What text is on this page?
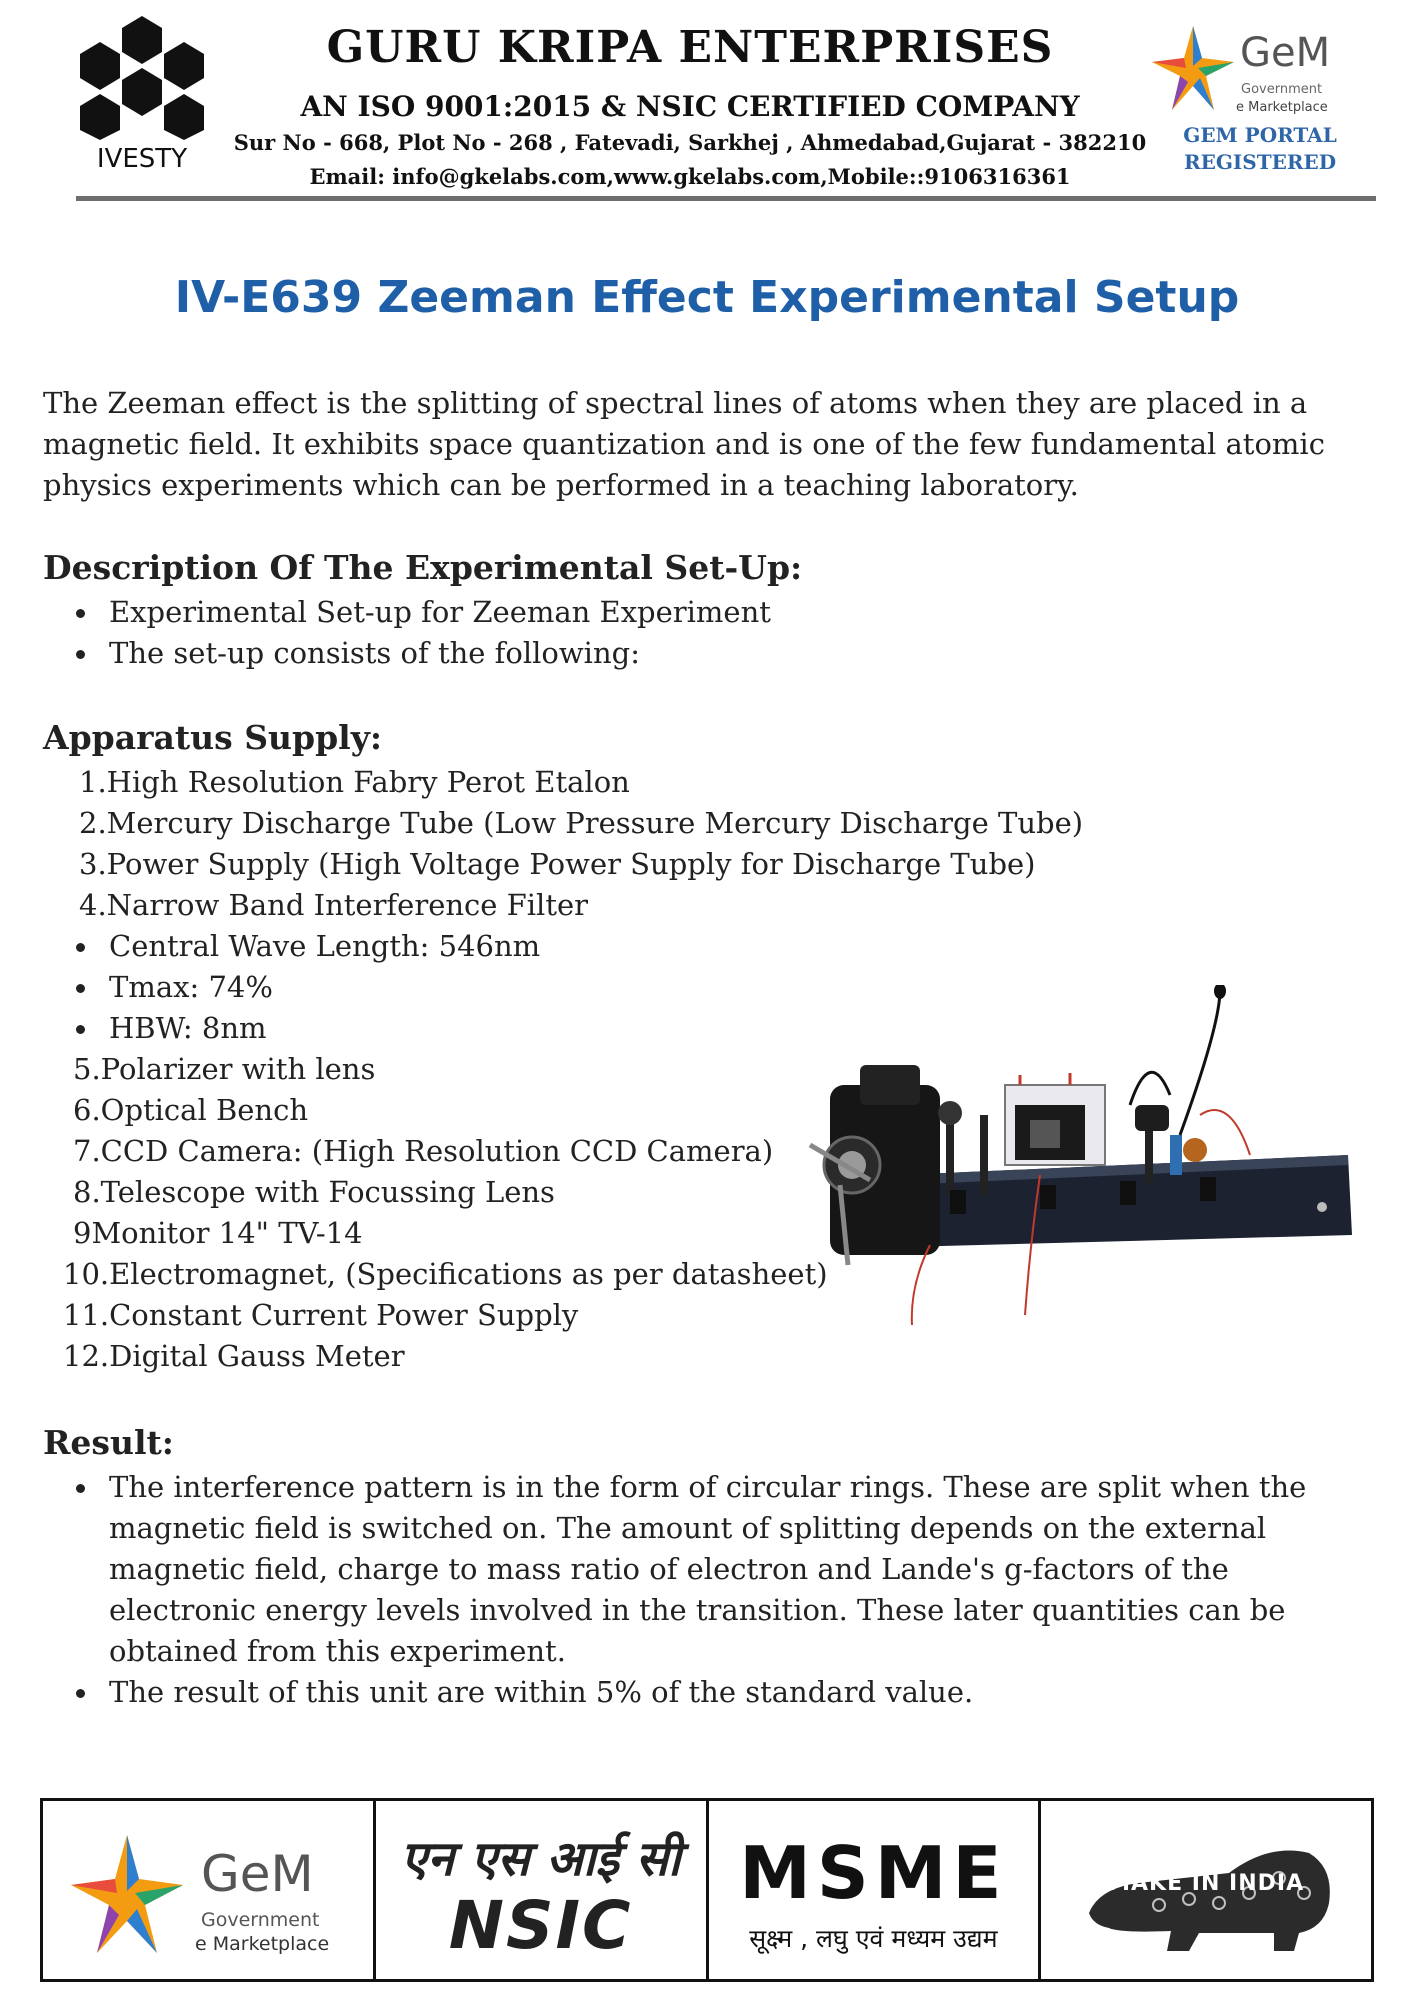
IVESTY
GURU KRIPA ENTERPRISES
AN ISO 9001:2015 & NSIC CERTIFIED COMPANY
Sur No - 668, Plot No - 268 , Fatevadi, Sarkhej , Ahmedabad,Gujarat - 382210
Email: info@gkelabs.com,www.gkelabs.com,Mobile::9106316361
GeM
Government
e Marketplace
GEM PORTAL
REGISTERED
IV-E639 Zeeman Effect Experimental Setup
The Zeeman effect is the splitting of spectral lines of atoms when they are placed in a magnetic field. It exhibits space quantization and is one of the few fundamental atomic physics experiments which can be performed in a teaching laboratory.
Description Of The Experimental Set-Up:
Experimental Set-up for Zeeman Experiment
The set-up consists of the following:
Apparatus Supply:
1.High Resolution Fabry Perot Etalon
2.Mercury Discharge Tube (Low Pressure Mercury Discharge Tube)
3.Power Supply (High Voltage Power Supply for Discharge Tube)
4.Narrow Band Interference Filter
Central Wave Length: 546nm
Tmax: 74%
HBW: 8nm
5.Polarizer with lens
6.Optical Bench
7.CCD Camera: (High Resolution CCD Camera)
8.Telescope with Focussing Lens
9Monitor 14" TV-14
10.Electromagnet, (Specifications as per datasheet)
11.Constant Current Power Supply
12.Digital Gauss Meter
Result:
The interference pattern is in the form of circular rings. These are split when the magnetic field is switched on. The amount of splitting depends on the external magnetic field, charge to mass ratio of electron and Lande's g-factors of the electronic energy levels involved in the transition. These later quantities can be obtained from this experiment.
The result of this unit are within 5% of the standard value.
GeM
Government
e Marketplace
एन एस आई सी
NSIC
MSME
सूक्ष्म , लघु एवं मध्यम उद्यम
MAKE IN INDIA
